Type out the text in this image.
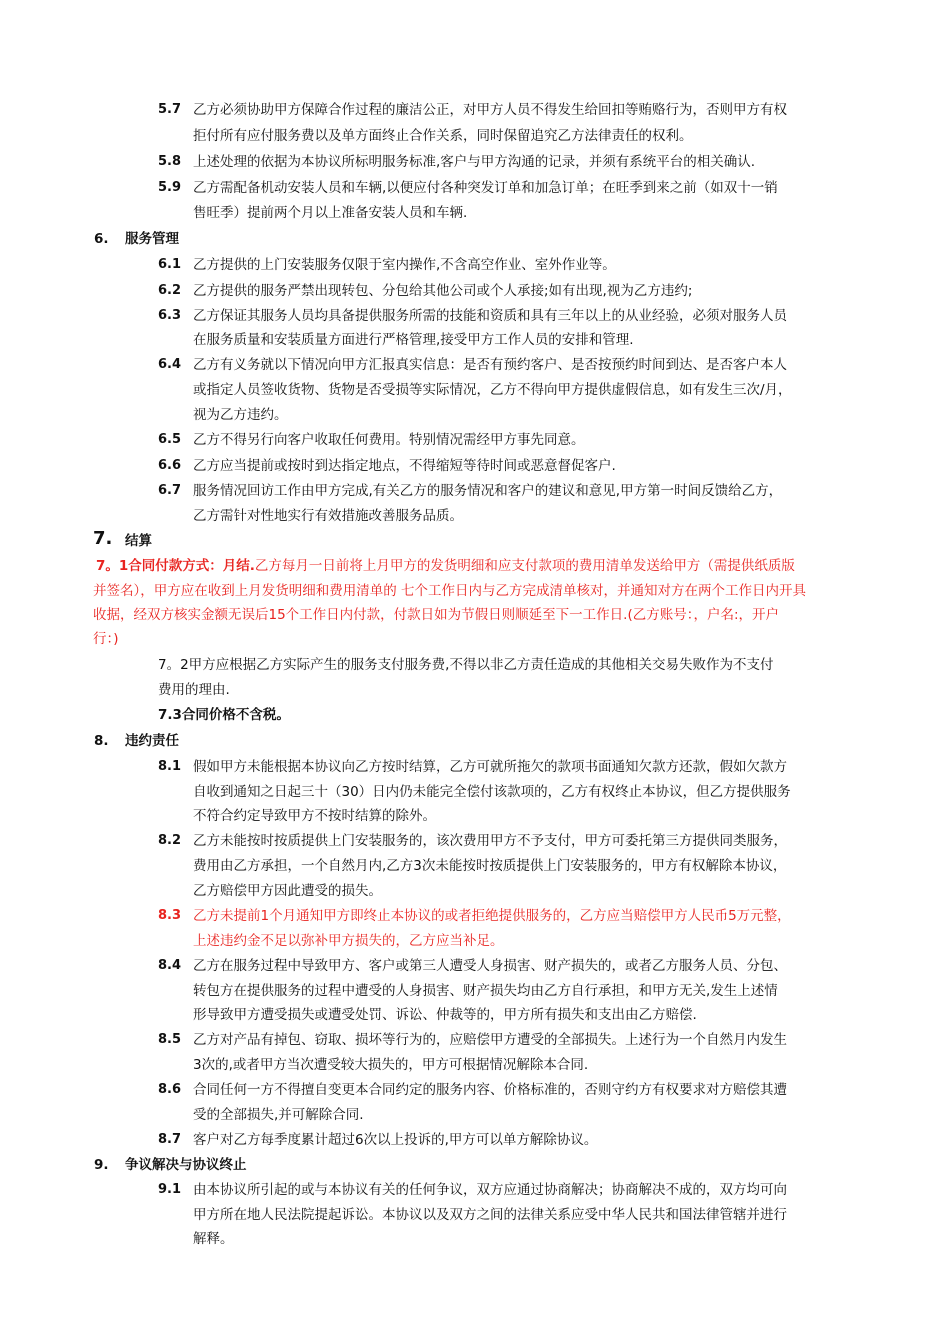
5.7 乙方必须协助甲方保障合作过程的廉洁公正，对甲方人员不得发生给回扣等贿赂行为，否则甲方有权
拒付所有应付服务费以及单方面终止合作关系，同时保留追究乙方法律责任的权利。
5.8 上述处理的依据为本协议所标明服务标准,客户与甲方沟通的记录，并须有系统平台的相关确认.
5.9 乙方需配备机动安装人员和车辆,以便应付各种突发订单和加急订单；在旺季到来之前（如双十一销
售旺季）提前两个月以上准备安装人员和车辆.
6. 服务管理
6.1 乙方提供的上门安装服务仅限于室内操作,不含高空作业、室外作业等。
6.2 乙方提供的服务严禁出现转包、分包给其他公司或个人承接;如有出现,视为乙方违约;
6.3 乙方保证其服务人员均具备提供服务所需的技能和资质和具有三年以上的从业经验，必须对服务人员
在服务质量和安装质量方面进行严格管理,接受甲方工作人员的安排和管理.
6.4 乙方有义务就以下情况向甲方汇报真实信息：是否有预约客户、是否按预约时间到达、是否客户本人
或指定人员签收货物、货物是否受损等实际情况，乙方不得向甲方提供虚假信息，如有发生三次/月，
视为乙方违约。
6.5 乙方不得另行向客户收取任何费用。特别情况需经甲方事先同意。
6.6 乙方应当提前或按时到达指定地点，不得缩短等待时间或恶意督促客户.
6.7 服务情况回访工作由甲方完成,有关乙方的服务情况和客户的建议和意见,甲方第一时间反馈给乙方，
乙方需针对性地实行有效措施改善服务品质。
7. 结算
7。1合同付款方式：月结.乙方每月一日前将上月甲方的发货明细和应支付款项的费用清单发送给甲方（需提供纸质版
并签名），甲方应在收到上月发货明细和费用清单的 七个工作日内与乙方完成清单核对，并通知对方在两个工作日内开具
收据，经双方核实金额无误后15个工作日内付款，付款日如为节假日则顺延至下一工作日.(乙方账号：，户名:，开户
行：)
7。2甲方应根据乙方实际产生的服务支付服务费,不得以非乙方责任造成的其他相关交易失败作为不支付
费用的理由.
7.3合同价格不含税。
8. 违约责任
8.1 假如甲方未能根据本协议向乙方按时结算，乙方可就所拖欠的款项书面通知欠款方还款，假如欠款方
自收到通知之日起三十（30）日内仍未能完全偿付该款项的，乙方有权终止本协议，但乙方提供服务
不符合约定导致甲方不按时结算的除外。
8.2 乙方未能按时按质提供上门安装服务的，该次费用甲方不予支付，甲方可委托第三方提供同类服务，
费用由乙方承担，一个自然月内,乙方3次未能按时按质提供上门安装服务的，甲方有权解除本协议，
乙方赔偿甲方因此遭受的损失。
8.3 乙方未提前1个月通知甲方即终止本协议的或者拒绝提供服务的，乙方应当赔偿甲方人民币5万元整，
上述违约金不足以弥补甲方损失的，乙方应当补足。
8.4 乙方在服务过程中导致甲方、客户或第三人遭受人身损害、财产损失的，或者乙方服务人员、分包、
转包方在提供服务的过程中遭受的人身损害、财产损失均由乙方自行承担，和甲方无关,发生上述情
形导致甲方遭受损失或遭受处罚、诉讼、仲裁等的，甲方所有损失和支出由乙方赔偿.
8.5 乙方对产品有掉包、窃取、损坏等行为的，应赔偿甲方遭受的全部损失。上述行为一个自然月内发生
3次的,或者甲方当次遭受较大损失的，甲方可根据情况解除本合同.
8.6 合同任何一方不得擅自变更本合同约定的服务内容、价格标准的，否则守约方有权要求对方赔偿其遭
受的全部损失,并可解除合同.
8.7 客户对乙方每季度累计超过6次以上投诉的,甲方可以单方解除协议。
9. 争议解决与协议终止
9.1 由本协议所引起的或与本协议有关的任何争议，双方应通过协商解决；协商解决不成的，双方均可向
甲方所在地人民法院提起诉讼。本协议以及双方之间的法律关系应受中华人民共和国法律管辖并进行
解释。
